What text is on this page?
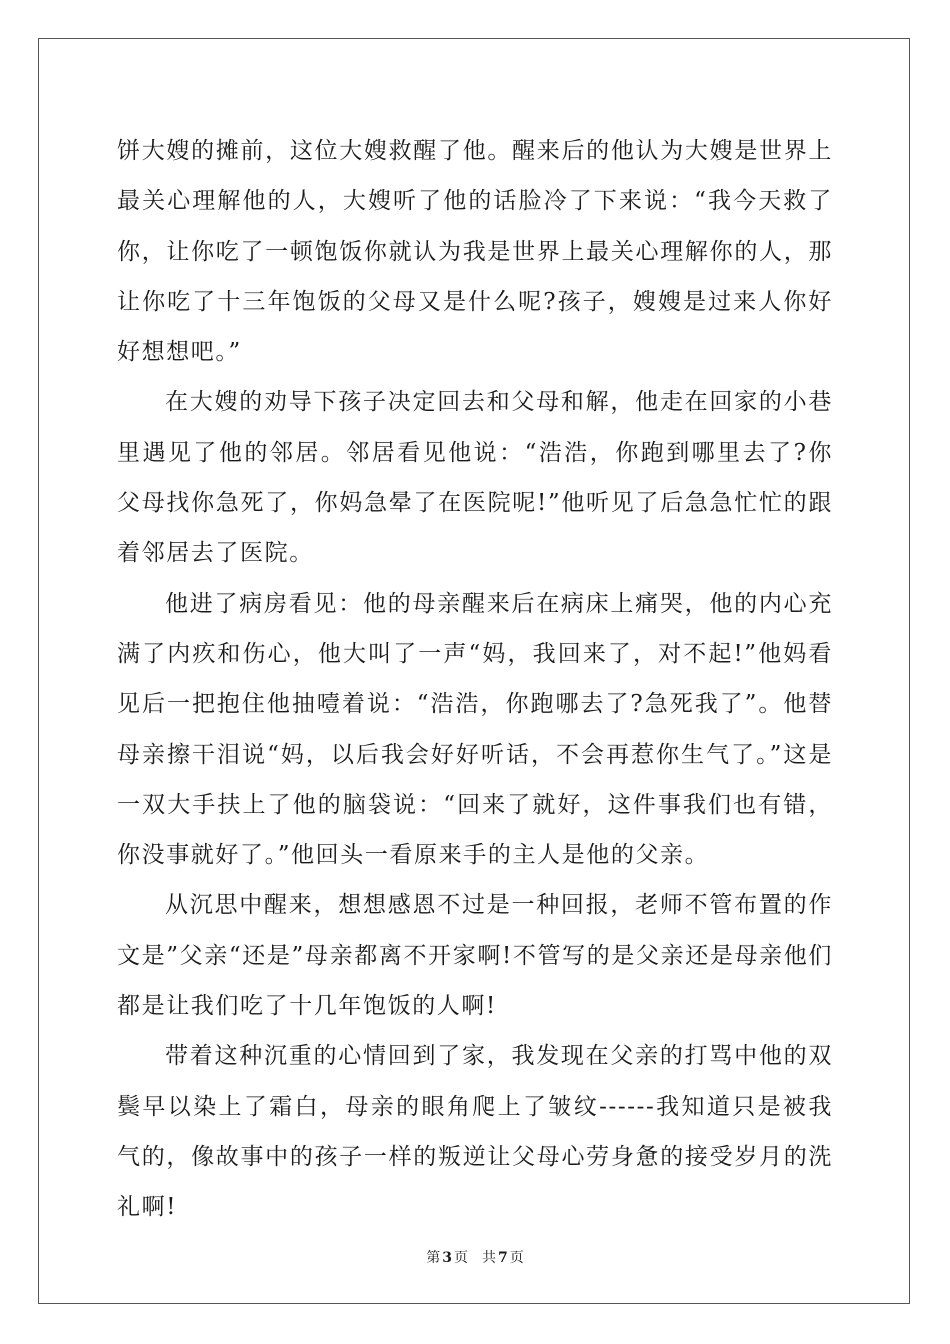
饼大嫂的摊前，这位大嫂救醒了他。醒来后的他认为大嫂是世界上最关心理解他的人，大嫂听了他的话脸冷了下来说：“我今天救了你，让你吃了一顿饱饭你就认为我是世界上最关心理解你的人，那让你吃了十三年饱饭的父母又是什么呢?孩子，嫂嫂是过来人你好好想想吧。”

在大嫂的劝导下孩子决定回去和父母和解，他走在回家的小巷里遇见了他的邻居。邻居看见他说：“浩浩，你跑到哪里去了?你父母找你急死了，你妈急晕了在医院呢!”他听见了后急急忙忙的跟着邻居去了医院。

他进了病房看见：他的母亲醒来后在病床上痛哭，他的内心充满了内疚和伤心，他大叫了一声“妈，我回来了，对不起!”他妈看见后一把抱住他抽噎着说：“浩浩，你跑哪去了?急死我了”。他替母亲擦干泪说“妈，以后我会好好听话，不会再惹你生气了。”这是一双大手扶上了他的脑袋说：“回来了就好，这件事我们也有错，你没事就好了。”他回头一看原来手的主人是他的父亲。

从沉思中醒来，想想感恩不过是一种回报，老师不管布置的作文是”父亲“还是”母亲都离不开家啊!不管写的是父亲还是母亲他们都是让我们吃了十几年饱饭的人啊!

带着这种沉重的心情回到了家，我发现在父亲的打骂中他的双鬓早以染上了霜白，母亲的眼角爬上了皱纹------我知道只是被我气的，像故事中的孩子一样的叛逆让父母心劳身惫的接受岁月的洗礼啊!

第 3 页 共 7 页
